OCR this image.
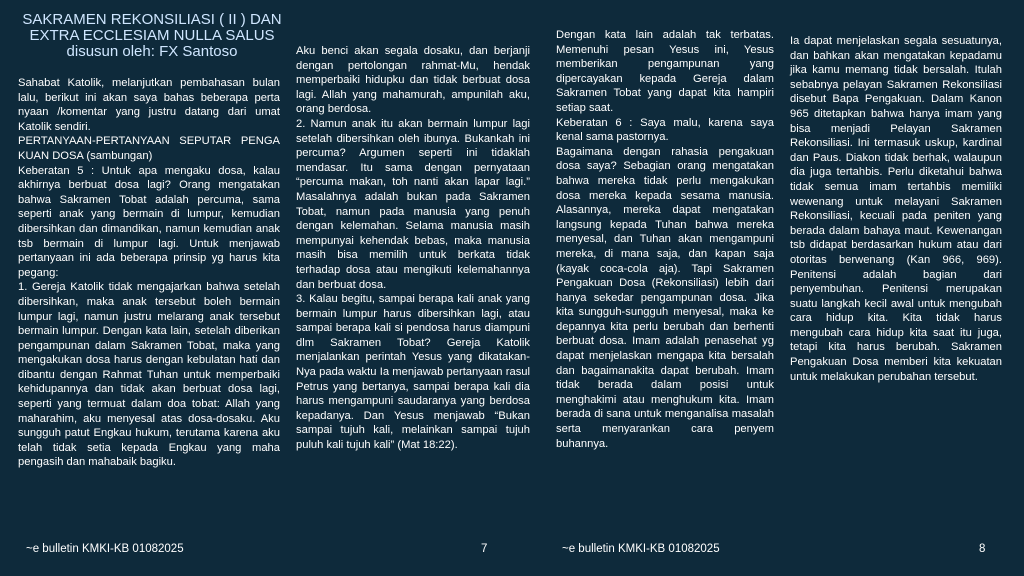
SAKRAMEN REKONSILIASI ( II ) DAN
EXTRA ECCLESIAM NULLA SALUS
disusun oleh: FX Santoso

Sahabat Katolik, melanjutkan pembahasan bulan lalu, berikut ini akan saya bahas beberapa perta nyaan /komentar yang justru datang dari umat Katolik sendiri.

PERTANYAAN-PERTANYAAN SEPUTAR PENGA KUAN DOSA (sambungan)

Keberatan 5 : Untuk apa mengaku dosa, kalau akhirnya berbuat dosa lagi? Orang mengatakan bahwa Sakramen Tobat adalah percuma, sama seperti anak yang bermain di lumpur, kemudian dibersihkan dan dimandikan, namun kemudian anak tsb bermain di lumpur lagi. Untuk menjawab pertanyaan ini ada beberapa prinsip yg harus kita pegang:

1. Gereja Katolik tidak mengajarkan bahwa setelah dibersihkan, maka anak tersebut boleh bermain lumpur lagi, namun justru melarang anak tersebut bermain lumpur. Dengan kata lain, setelah diberikan pengampunan dalam Sakramen Tobat, maka yang mengakukan dosa harus dengan kebulatan hati dan dibantu dengan Rahmat Tuhan untuk memperbaiki kehidupannya dan tidak akan berbuat dosa lagi, seperti yang termuat dalam doa tobat: Allah yang maharahim, aku menyesal atas dosa-dosaku. Aku sungguh patut Engkau hukum, terutama karena aku telah tidak setia kepada Engkau yang maha pengasih dan mahabaik bagiku.

Aku benci akan segala dosaku, dan berjanji dengan pertolongan rahmat-Mu, hendak memperbaiki hidupku dan tidak berbuat dosa lagi. Allah yang mahamurah, ampunilah aku, orang berdosa.

2. Namun anak itu akan bermain lumpur lagi setelah dibersihkan oleh ibunya. Bukankah ini percuma? Argumen seperti ini tidaklah mendasar. Itu sama dengan pernyataan “percuma makan, toh nanti akan lapar lagi.” Masalahnya adalah bukan pada Sakramen Tobat, namun pada manusia yang penuh dengan kelemahan. Selama manusia masih mempunyai kehendak bebas, maka manusia masih bisa memilih untuk berkata tidak terhadap dosa atau mengikuti kelemahannya dan berbuat dosa.

3. Kalau begitu, sampai berapa kali anak yang bermain lumpur harus dibersihkan lagi, atau sampai berapa kali si pendosa harus diampuni dlm Sakramen Tobat? Gereja Katolik menjalankan perintah Yesus yang dikatakan-Nya pada waktu Ia menjawab pertanyaan rasul Petrus yang bertanya, sampai berapa kali dia harus mengampuni saudaranya yang berdosa kepadanya. Dan Yesus menjawab “Bukan sampai tujuh kali, melainkan sampai tujuh puluh kali tujuh kali” (Mat 18:22).

Dengan kata lain adalah tak terbatas. Memenuhi pesan Yesus ini, Yesus memberikan pengampunan yang dipercayakan kepada Gereja dalam Sakramen Tobat yang dapat kita hampiri setiap saat.

Keberatan 6 : Saya malu, karena saya kenal sama pastornya.

Bagaimana dengan rahasia pengakuan dosa saya? Sebagian orang mengatakan bahwa mereka tidak perlu mengakukan dosa mereka kepada sesama manusia. Alasannya, mereka dapat mengatakan langsung kepada Tuhan bahwa mereka menyesal, dan Tuhan akan mengampuni mereka, di mana saja, dan kapan saja (kayak coca-cola aja). Tapi Sakramen Pengakuan Dosa (Rekonsiliasi) lebih dari hanya sekedar pengampunan dosa. Jika kita sungguh-sungguh menyesal, maka ke depannya kita perlu berubah dan berhenti berbuat dosa. Imam adalah penasehat yg dapat menjelaskan mengapa kita bersalah dan bagaimanakita dapat berubah. Imam tidak berada dalam posisi untuk menghakimi atau menghukum kita. Imam berada di sana untuk menganalisa masalah serta menyarankan cara penyem buhannya.

Ia dapat menjelaskan segala sesuatunya, dan bahkan akan mengatakan kepadamu jika kamu memang tidak bersalah. Itulah sebabnya pelayan Sakramen Rekonsiliasi disebut Bapa Pengakuan. Dalam Kanon 965 ditetapkan bahwa hanya imam yang bisa menjadi Pelayan Sakramen Rekonsiliasi. Ini termasuk uskup, kardinal dan Paus. Diakon tidak berhak, walaupun dia juga tertahbis. Perlu diketahui bahwa tidak semua imam tertahbis memiliki wewenang untuk melayani Sakramen Rekonsiliasi, kecuali pada peniten yang berada dalam bahaya maut. Kewenangan tsb didapat berdasarkan hukum atau dari otoritas berwenang (Kan 966, 969). Penitensi adalah bagian dari penyembuhan. Penitensi merupakan suatu langkah kecil awal untuk mengubah cara hidup kita. Kita tidak harus mengubah cara hidup kita saat itu juga, tetapi kita harus berubah. Sakramen Pengakuan Dosa memberi kita kekuatan untuk melakukan perubahan tersebut.

~e bulletin KMKI-KB 01082025	7	~e bulletin KMKI-KB 01082025	8
